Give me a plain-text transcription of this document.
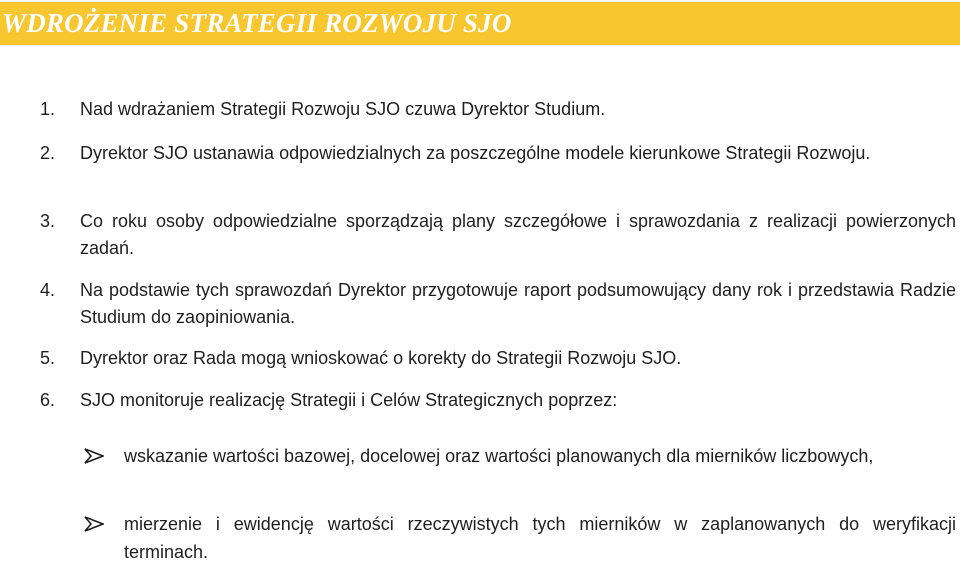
WDROŻENIE STRATEGII ROZWOJU SJO
1.	Nad wdrażaniem Strategii Rozwoju SJO czuwa Dyrektor Studium.
2.	Dyrektor SJO ustanawia odpowiedzialnych za poszczególne modele kierunkowe Strategii Rozwoju.
3.	Co roku osoby odpowiedzialne sporządzają plany szczegółowe i sprawozdania z realizacji powierzonych zadań.
4.	Na podstawie tych sprawozdań Dyrektor przygotowuje raport podsumowujący dany rok i przedstawia Radzie Studium do zaopiniowania.
5.	Dyrektor oraz Rada mogą wnioskować o korekty do Strategii Rozwoju SJO.
6.	SJO monitoruje realizację Strategii i Celów Strategicznych poprzez:
wskazanie wartości bazowej, docelowej oraz wartości planowanych dla mierników liczbowych,
mierzenie i ewidencję wartości rzeczywistych tych mierników w zaplanowanych do weryfikacji terminach.
